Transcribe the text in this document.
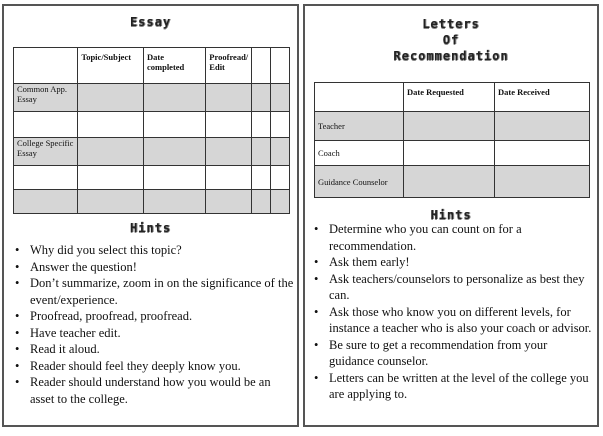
Essay
	Topic/Subject	Date completed	Proofread/ Edit		
Common App. Essay					

College Specific Essay					

Hints
• Why did you select this topic?
• Answer the question!
• Don’t summarize, zoom in on the significance of the event/experience.
• Proofread, proofread, proofread.
• Have teacher edit.
• Read it aloud.
• Reader should feel they deeply know you.
• Reader should understand how you would be an asset to the college.
Letters
Of
Recommendation
	Date Requested	Date Received
Teacher		
Coach		
Guidance Counselor		
Hints
• Determine who you can count on for a recommendation.
• Ask them early!
• Ask teachers/counselors to personalize as best they can.
• Ask those who know you on different levels, for instance a teacher who is also your coach or advisor.
• Be sure to get a recommendation from your guidance counselor.
• Letters can be written at the level of the college you are applying to.
